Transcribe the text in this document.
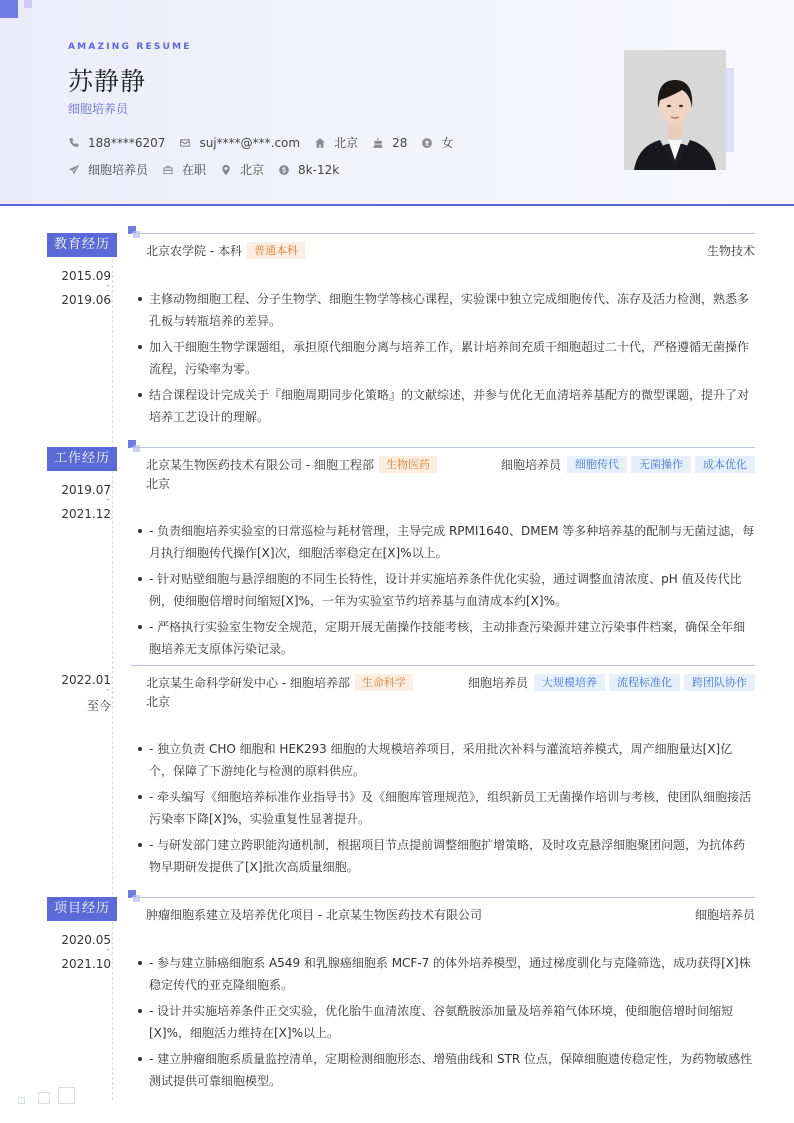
AMAZING RESUME
苏静静
细胞培养员
188****6207	suj****@***.com	北京	28	女
细胞培养员	在职	北京	8k-12k
教育经历
2015.09
-
2019.06
北京农学院 - 本科	普通本科	生物技术
主修动物细胞工程、分子生物学、细胞生物学等核心课程，实验课中独立完成细胞传代、冻存及活力检测，熟悉多孔板与转瓶培养的差异。
加入干细胞生物学课题组，承担原代细胞分离与培养工作，累计培养间充质干细胞超过二十代，严格遵循无菌操作流程，污染率为零。
结合课程设计完成关于『细胞周期同步化策略』的文献综述，并参与优化无血清培养基配方的微型课题，提升了对培养工艺设计的理解。
工作经历
2019.07
-
2021.12
北京某生物医药技术有限公司 - 细胞工程部	生物医药	细胞培养员	细胞传代	无菌操作	成本优化
北京
- 负责细胞培养实验室的日常巡检与耗材管理，主导完成 RPMI1640、DMEM 等多种培养基的配制与无菌过滤，每月执行细胞传代操作[X]次，细胞活率稳定在[X]%以上。
- 针对贴壁细胞与悬浮细胞的不同生长特性，设计并实施培养条件优化实验，通过调整血清浓度、pH 值及传代比例，使细胞倍增时间缩短[X]%，一年为实验室节约培养基与血清成本约[X]%。
- 严格执行实验室生物安全规范，定期开展无菌操作技能考核，主动排查污染源并建立污染事件档案，确保全年细胞培养无支原体污染记录。
2022.01
-
至今
北京某生命科学研发中心 - 细胞培养部	生命科学	细胞培养员	大规模培养	流程标准化	跨团队协作
北京
- 独立负责 CHO 细胞和 HEK293 细胞的大规模培养项目，采用批次补料与灌流培养模式，周产细胞量达[X]亿个，保障了下游纯化与检测的原料供应。
- 牵头编写《细胞培养标准作业指导书》及《细胞库管理规范》，组织新员工无菌操作培训与考核，使团队细胞接活污染率下降[X]%，实验重复性显著提升。
- 与研发部门建立跨职能沟通机制，根据项目节点提前调整细胞扩增策略，及时攻克悬浮细胞聚团问题，为抗体药物早期研发提供了[X]批次高质量细胞。
项目经历
2020.05
-
2021.10
肿瘤细胞系建立及培养优化项目 - 北京某生物医药技术有限公司	细胞培养员
- 参与建立肺癌细胞系 A549 和乳腺癌细胞系 MCF-7 的体外培养模型，通过梯度驯化与克隆筛选，成功获得[X]株稳定传代的亚克隆细胞系。
- 设计并实施培养条件正交实验，优化胎牛血清浓度、谷氨酰胺添加量及培养箱气体环境，使细胞倍增时间缩短[X]%，细胞活力维持在[X]%以上。
- 建立肿瘤细胞系质量监控清单，定期检测细胞形态、增殖曲线和 STR 位点，保障细胞遗传稳定性，为药物敏感性测试提供可靠细胞模型。
